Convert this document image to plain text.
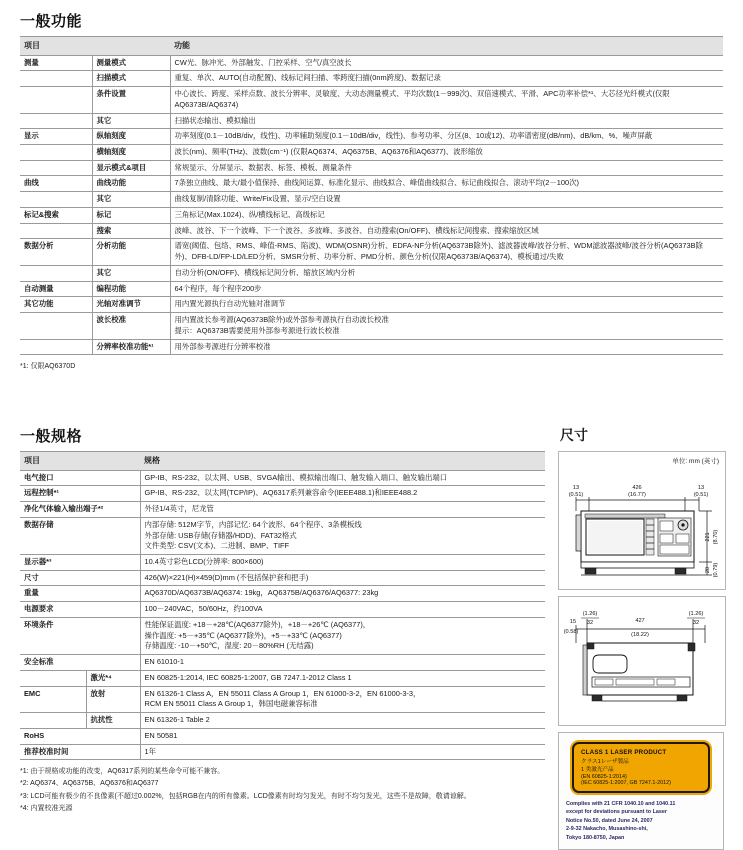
一般功能
项目		功能
测量	测量模式	CW光、脉冲光、外部触发、门控采样、空气/真空波长
	扫描模式	重复、单次、AUTO(自动配置)、线标记间扫描、零跨度扫描(0nm跨度)、数据记录
	条件设置	中心波长、跨度、采样点数、波长分辨率、灵敏度、大动态测量模式、平均次数(1－999次)、双倍速模式、平滑、APC功率补偿*¹、大芯径光纤模式(仅限AQ6373B/AQ6374)
	其它	扫描状态输出、模拟输出
显示	纵轴刻度	功率刻度(0.1－10dB/div，线性)、功率辅助刻度(0.1－10dB/div，线性)、参考功率、分区(8、10或12)、功率谱密度(dB/nm)、dB/km、%、噪声屏蔽
	横轴刻度	波长(nm)、频率(THz)、波数(cm⁻¹) (仅限AQ6374、AQ6375B、AQ6376和AQ6377)、波形缩放
	显示模式&项目	常规显示、分屏显示、数据表、标签、模板、测量条件
曲线	曲线功能	7条独立曲线、最大/最小值保持、曲线间运算、标准化显示、曲线拟合、峰值曲线拟合、标记曲线拟合、滚动平均(2－100次)
	其它	曲线复制/清除功能、Write/Fix设置、显示/空白设置
标记&搜索	标记	三角标记(Max.1024)、纵/横线标记、高级标记
	搜索	波峰、波谷、下一个波峰、下一个波谷、多波峰、多波谷、自动搜索(On/OFF)、横线标记间搜索、搜索缩放区域
数据分析	分析功能	谱宽(阈值、包络、RMS、峰值-RMS、陷波)、WDM(OSNR)分析、EDFA-NF分析(AQ6373B除外)、滤波器波峰/波谷分析、WDM滤波器波峰/波谷分析(AQ6373B除外)、DFB-LD/FP-LD/LED分析、SMSR分析、功率分析、PMD分析、颜色分析(仅限AQ6373B/AQ6374)、模板通过/失败
	其它	自动分析(ON/OFF)、横线标记间分析、缩放区域内分析
自动测量	编程功能	64个程序，每个程序200步
其它功能	光轴对准调节	用内置光源执行自动光轴对准调节
	波长校准	用内置波长参考源(AQ6373B除外)或外部参考源执行自动波长校准
提示：AQ6373B需要使用外部参考源进行波长校准
	分辨率校准功能*¹	用外部参考源进行分辨率校准
*1: 仅限AQ6370D
一般规格
项目		规格
电气接口		GP-IB、RS-232、以太网、USB、SVGA输出、模拟输出端口、触发输入端口、触发输出端口
远程控制*¹		GP-IB、RS-232、以太网(TCP/IP)、AQ6317系列兼容命令(IEEE488.1)和IEEE488.2
净化气体输入输出端子*²		外径1/4英寸，尼龙管
数据存储		内部存储: 512M字节，内部记忆: 64个波形、64个程序、3条模板线
外部存储: USB存储(存储器/HDD)、FAT32格式
文件类型: CSV(文本)、二进制、BMP、TIFF
显示器*³		10.4英寸彩色LCD(分辨率: 800×600)
尺寸		426(W)×221(H)×459(D)mm (不包括保护套和把手)
重量		AQ6370D/AQ6373B/AQ6374: 19kg，AQ6375B/AQ6376/AQ6377: 23kg
电源要求		100－240VAC，50/60Hz，约100VA
环境条件		性能保证温度: +18－+28℃(AQ6377除外)，+18－+26℃ (AQ6377)，
操作温度: +5－+35℃ (AQ6377除外)，+5－+33℃ (AQ6377)
存储温度: -10－+50℃，湿度: 20－80%RH (无结露)
安全标准		EN 61010-1
	激光*⁴	EN 60825-1:2014, IEC 60825-1:2007, GB 7247.1-2012 Class 1
EMC	放射	EN 61326-1 Class A，EN 55011 Class A Group 1，EN 61000-3-2，EN 61000-3-3，
RCM EN 55011 Class A Group 1，韩国电磁兼容标准
	抗扰性	EN 61326-1 Table 2
RoHS		EN 50581
推荐校准时间		1年
*1: 由于规格或功能的改变，AQ6317系列的某些命令可能不兼容。
*2: AQ6374、AQ6375B、AQ6376和AQ6377
*3: LCD可能有极少的不良像素(不超过0.002%，包括RGB在内的所有像素。LCD像素有时均匀发光，有时不均匀发光，这些不是故障，敬请谅解。
*4: 内置校准光源
尺寸
单位: mm (英寸)
13
(0.51)
426
(16.77)
13
(0.51)
221 (8.70)
20 (0.79)
15
(0.58)
(1.26)
32	427
(18.22)
(1.26)
32
CLASS 1 LASER PRODUCT
クラス1レーザ製品
1 类激光产品
(EN 60825-1:2014)
(IEC 60825-1:2007, GB 7247.1-2012)
Complies with 21 CFR 1040.10 and 1040.11
except for deviations pursuant to Laser
Notice No.50, dated June 24, 2007
2-9-32 Nakacho, Musashino-shi,
Tokyo 180-8750, Japan
